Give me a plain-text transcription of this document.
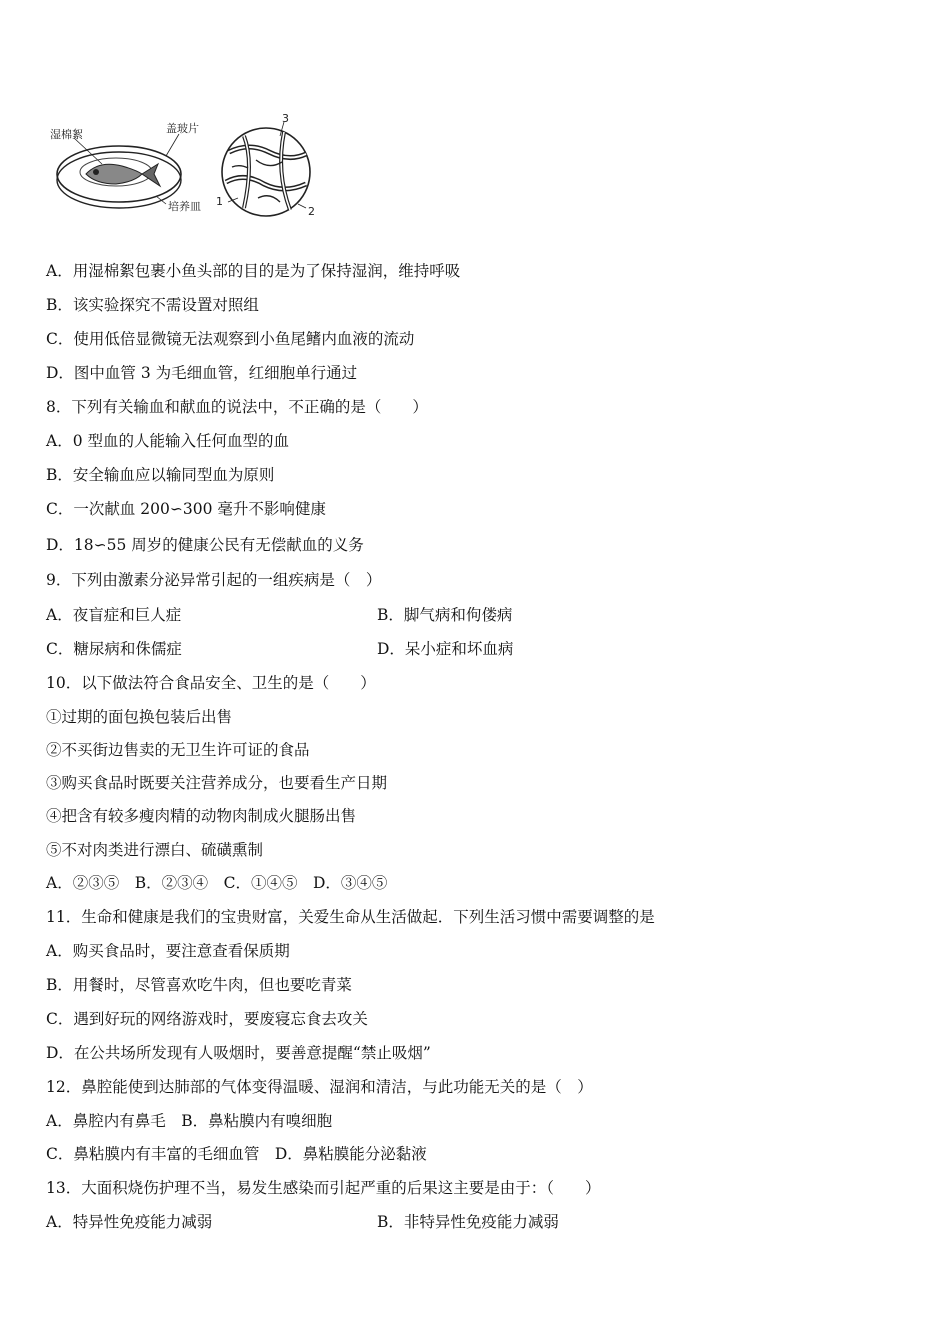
湿棉絮	盖玻片
培养皿
3
1
2
A．用湿棉絮包裹小鱼头部的目的是为了保持湿润，维持呼吸
B．该实验探究不需设置对照组
C．使用低倍显微镜无法观察到小鱼尾鳍内血液的流动
D．图中血管 3 为毛细血管，红细胞单行通过
8．下列有关输血和献血的说法中，不正确的是（　　）
A．0 型血的人能输入任何血型的血
B．安全输血应以输同型血为原则
C．一次献血 200∽300 毫升不影响健康
D．18∽55 周岁的健康公民有无偿献血的义务
9．下列由激素分泌异常引起的一组疾病是（　）
A．夜盲症和巨人症	B．脚气病和佝偻病
C．糖尿病和侏儒症	D．呆小症和坏血病
10．以下做法符合食品安全、卫生的是（　　）
①过期的面包换包装后出售
②不买街边售卖的无卫生许可证的食品
③购买食品时既要关注营养成分，也要看生产日期
④把含有较多瘦肉精的动物肉制成火腿肠出售
⑤不对肉类进行漂白、硫磺熏制
A．②③⑤　B．②③④　C．①④⑤　D．③④⑤
11．生命和健康是我们的宝贵财富，关爱生命从生活做起．下列生活习惯中需要调整的是
A．购买食品时，要注意查看保质期
B．用餐时，尽管喜欢吃牛肉，但也要吃青菜
C．遇到好玩的网络游戏时，要废寝忘食去攻关
D．在公共场所发现有人吸烟时，要善意提醒“禁止吸烟”
12．鼻腔能使到达肺部的气体变得温暖、湿润和清洁，与此功能无关的是（　）
A．鼻腔内有鼻毛　B．鼻粘膜内有嗅细胞
C．鼻粘膜内有丰富的毛细血管　D．鼻粘膜能分泌黏液
13．大面积烧伤护理不当，易发生感染而引起严重的后果这主要是由于：（　　）
A．特异性免疫能力减弱	B．非特异性免疫能力减弱
